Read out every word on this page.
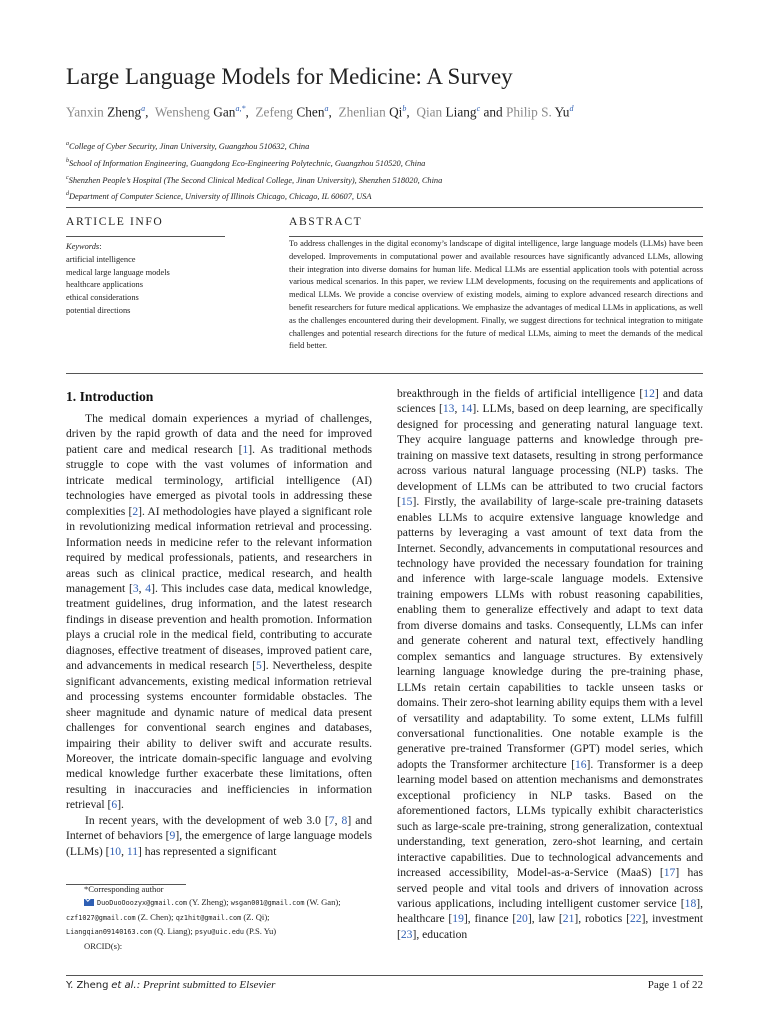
Large Language Models for Medicine: A Survey
Yanxin Zheng$^a$, Wensheng Gan$^{a,*}$, Zefeng Chen$^a$, Zhenlian Qi$^b$, Qian Liang$^c$ and Philip S. Yu$^d$
$^a$College of Cyber Security, Jinan University, Guangzhou 510632, China
$^b$School of Information Engineering, Guangdong Eco-Engineering Polytechnic, Guangzhou 510520, China
$^c$Shenzhen People’s Hospital (The Second Clinical Medical College, Jinan University), Shenzhen 518020, China
$^d$Department of Computer Science, University of Illinois Chicago, Chicago, IL 60607, USA
ARTICLE INFO	ABSTRACT
Keywords:
artificial intelligence
medical large language models
healthcare applications
ethical considerations
potential directions
To address challenges in the digital economy’s landscape of digital intelligence, large language models (LLMs) have been developed. Improvements in computational power and available resources have significantly advanced LLMs, allowing their integration into diverse domains for human life. Medical LLMs are essential application tools with potential across various medical scenarios. In this paper, we review LLM developments, focusing on the requirements and applications of medical LLMs. We provide a concise overview of existing models, aiming to explore advanced research directions and benefit researchers for future medical applications. We emphasize the advantages of medical LLMs in applications, as well as the challenges encountered during their development. Finally, we suggest directions for technical integration to mitigate challenges and potential research directions for the future of medical LLMs, aiming to meet the demands of the medical field better.
1. Introduction

The medical domain experiences a myriad of challenges, driven by the rapid growth of data and the need for improved patient care and medical research [1]. As traditional methods struggle to cope with the vast volumes of information and intricate medical terminology, artificial intelligence (AI) technologies have emerged as pivotal tools in addressing these complexities [2]. AI methodologies have played a significant role in revolutionizing medical information retrieval and processing. Information needs in medicine refer to the relevant information required by medical professionals, patients, and researchers in areas such as clinical practice, medical research, and health management [3, 4]. This includes case data, medical knowledge, treatment guidelines, drug information, and the latest research findings in disease prevention and health promotion. Information plays a crucial role in the medical field, contributing to accurate diagnoses, effective treatment of diseases, improved patient care, and advancements in medical research [5]. Nevertheless, despite significant advancements, existing medical information retrieval and processing systems encounter formidable obstacles. The sheer magnitude and dynamic nature of medical data present challenges for conventional search engines and databases, impairing their ability to deliver swift and accurate results. Moreover, the intricate domain-specific language and evolving medical knowledge further exacerbate these limitations, often resulting in inaccuracies and inefficiencies in information retrieval [6].

In recent years, with the development of web 3.0 [7, 8] and Internet of behaviors [9], the emergence of large language models (LLMs) [10, 11] has represented a significant

breakthrough in the fields of artificial intelligence [12] and data sciences [13, 14]. LLMs, based on deep learning, are specifically designed for processing and generating natural language text. They acquire language patterns and knowledge through pre-training on massive text datasets, resulting in strong performance across various natural language processing (NLP) tasks. The development of LLMs can be attributed to two crucial factors [15]. Firstly, the availability of large-scale pre-training datasets enables LLMs to acquire extensive language knowledge and patterns by leveraging a vast amount of text data from the Internet. Secondly, advancements in computational resources and technology have provided the necessary foundation for training and inference with large-scale language models. Extensive training empowers LLMs with robust reasoning capabilities, enabling them to generalize effectively and adapt to text data from diverse domains and tasks. Consequently, LLMs can infer and generate coherent and natural text, effectively handling complex semantics and language structures. By extensively learning language knowledge during the pre-training phase, LLMs retain certain capabilities to tackle unseen tasks or domains. Their zero-shot learning ability equips them with a level of versatility and adaptability. To some extent, LLMs fulfill conversational functionalities. One notable example is the generative pre-trained Transformer (GPT) model series, which adopts the Transformer architecture [16]. Transformer is a deep learning model based on attention mechanisms and demonstrates exceptional proficiency in NLP tasks. Based on the aforementioned factors, LLMs typically exhibit characteristics such as large-scale pre-training, strong generalization, contextual understanding, text generation, zero-shot learning, and certain interactive capabilities. Due to technological advancements and increased accessibility, Model-as-a-Service (MaaS) [17] has served people and vital tools and drivers of innovation across various applications, including intelligent customer service [18], healthcare [19], finance [20], law [21], robotics [22], investment [23], education

*Corresponding author
DuoDuoOoozyx@gmail.com (Y. Zheng); wsgan001@gmail.com (W. Gan);
czf1027@gmail.com (Z. Chen); qz1hit@gmail.com (Z. Qi);
Liangqian09140163.com (Q. Liang); psyu@uic.edu (P.S. Yu)
ORCID(s):
Y. Zheng et al.: Preprint submitted to Elsevier	Page 1 of 22
